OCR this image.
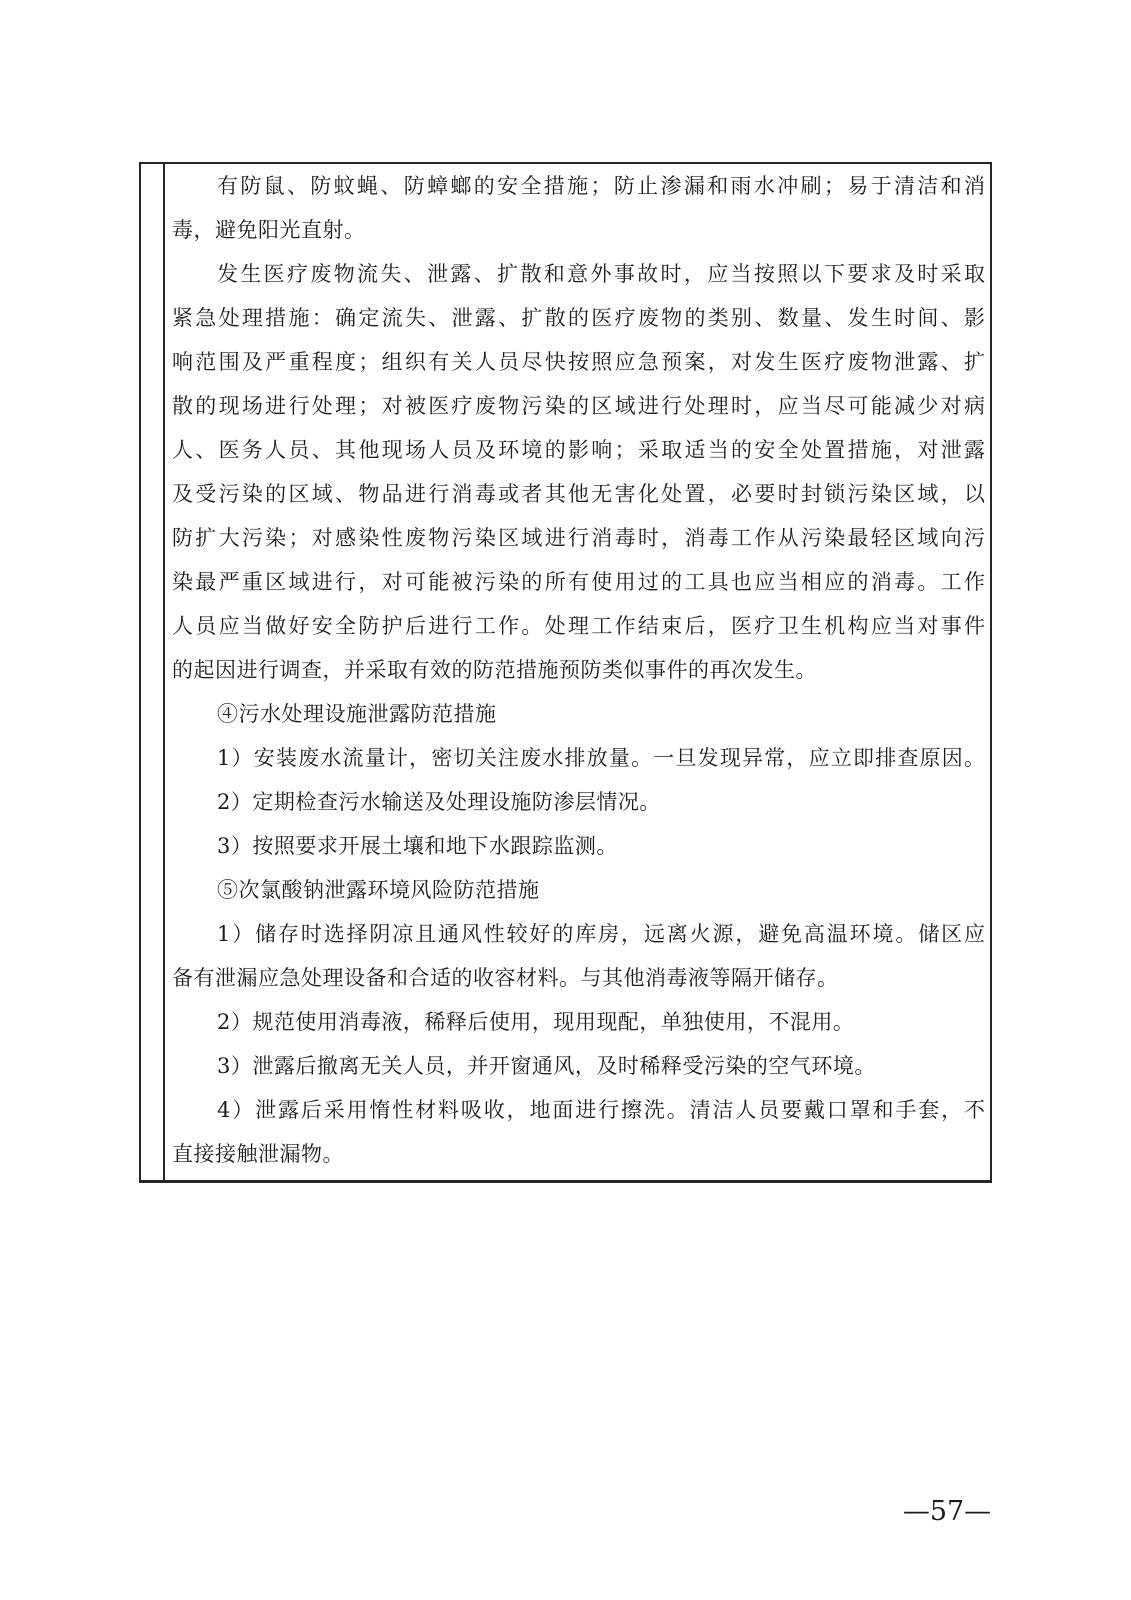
有防鼠、防蚊蝇、防蟑螂的安全措施；防止渗漏和雨水冲刷；易于清洁和消
毒，避免阳光直射。
发生医疗废物流失、泄露、扩散和意外事故时，应当按照以下要求及时采取
紧急处理措施：确定流失、泄露、扩散的医疗废物的类别、数量、发生时间、影
响范围及严重程度；组织有关人员尽快按照应急预案，对发生医疗废物泄露、扩
散的现场进行处理；对被医疗废物污染的区域进行处理时，应当尽可能减少对病
人、医务人员、其他现场人员及环境的影响；采取适当的安全处置措施，对泄露
及受污染的区域、物品进行消毒或者其他无害化处置，必要时封锁污染区域，以
防扩大污染；对感染性废物污染区域进行消毒时，消毒工作从污染最轻区域向污
染最严重区域进行，对可能被污染的所有使用过的工具也应当相应的消毒。工作
人员应当做好安全防护后进行工作。处理工作结束后，医疗卫生机构应当对事件
的起因进行调查，并采取有效的防范措施预防类似事件的再次发生。
④污水处理设施泄露防范措施
1）安装废水流量计，密切关注废水排放量。一旦发现异常，应立即排查原因。
2）定期检查污水输送及处理设施防渗层情况。
3）按照要求开展土壤和地下水跟踪监测。
⑤次氯酸钠泄露环境风险防范措施
1）储存时选择阴凉且通风性较好的库房，远离火源，避免高温环境。储区应
备有泄漏应急处理设备和合适的收容材料。与其他消毒液等隔开储存。
2）规范使用消毒液，稀释后使用，现用现配，单独使用，不混用。
3）泄露后撤离无关人员，并开窗通风，及时稀释受污染的空气环境。
4）泄露后采用惰性材料吸收，地面进行擦洗。清洁人员要戴口罩和手套，不
直接接触泄漏物。
—57—
